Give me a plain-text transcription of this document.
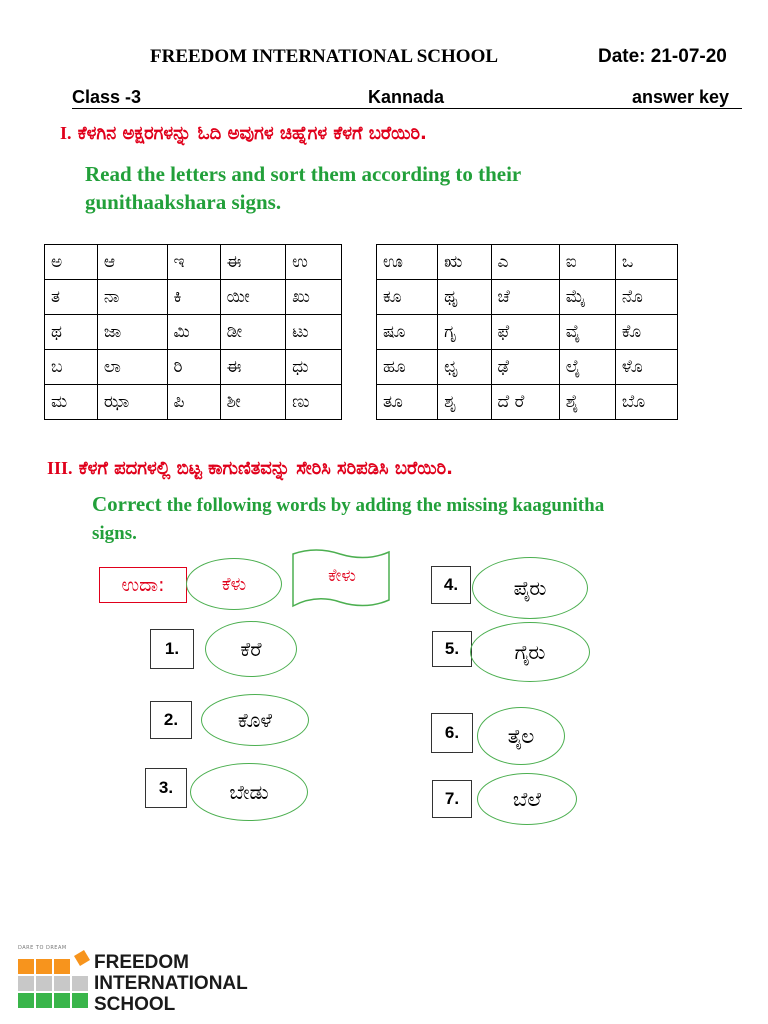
FREEDOM INTERNATIONAL SCHOOL	Date: 21-07-20
Class -3	Kannada	answer key
I. ಕೆಳಗಿನ ಅಕ್ಷರಗಳನ್ನು ಓದಿ ಅವುಗಳ ಚಿಹ್ನೆಗಳ ಕೆಳಗೆ ಬರೆಯಿರಿ.
Read the letters and sort them according to their
gunithaakshara signs.
ಅ	ಆ	ಇ	ಈ	ಉ
ತ	ನಾ	ಕಿ	ಯೀ	ಖು
ಥ	ಜಾ	ಮಿ	ಡೀ	ಟು
ಬ	ಲಾ	ರಿ	ಈ	ಧು
ಮ	ಝಾ	ಪಿ	ಶೀ	ಣು
ಊ	ಋ	ಎ	ಐ	ಒ
ಕೂ	ಥೃ	ಚೆ	ಮೈ	ನೊ
ಷೂ	ಗೃ	ಫೆ	ವೈ	ಕೊ
ಹೂ	ಛೃ	ಢೆ	ಲೈ	ಳೊ
ತೂ	ಶೃ	ದೆ ರೆ	ಶೈ	ಬೊ
III. ಕೆಳಗೆ ಪದಗಳಲ್ಲಿ ಬಿಟ್ಟ ಕಾಗುಣಿತವನ್ನು ಸೇರಿಸಿ ಸರಿಪಡಿಸಿ ಬರೆಯಿರಿ.
Correct the following words by adding the missing kaagunitha
signs.
ಉದಾ:	ಕೆಳು	ಕೇಳು
1.	ಕೆರೆ
2.	ಕೊಳೆ
3.	ಬೇಡು
4.	ಪೈರು
5.	ಗೈರು
6.	ತೈಲ
7.	ಬೆಲೆ
DARE TO DREAM
FREEDOM
INTERNATIONAL
SCHOOL
